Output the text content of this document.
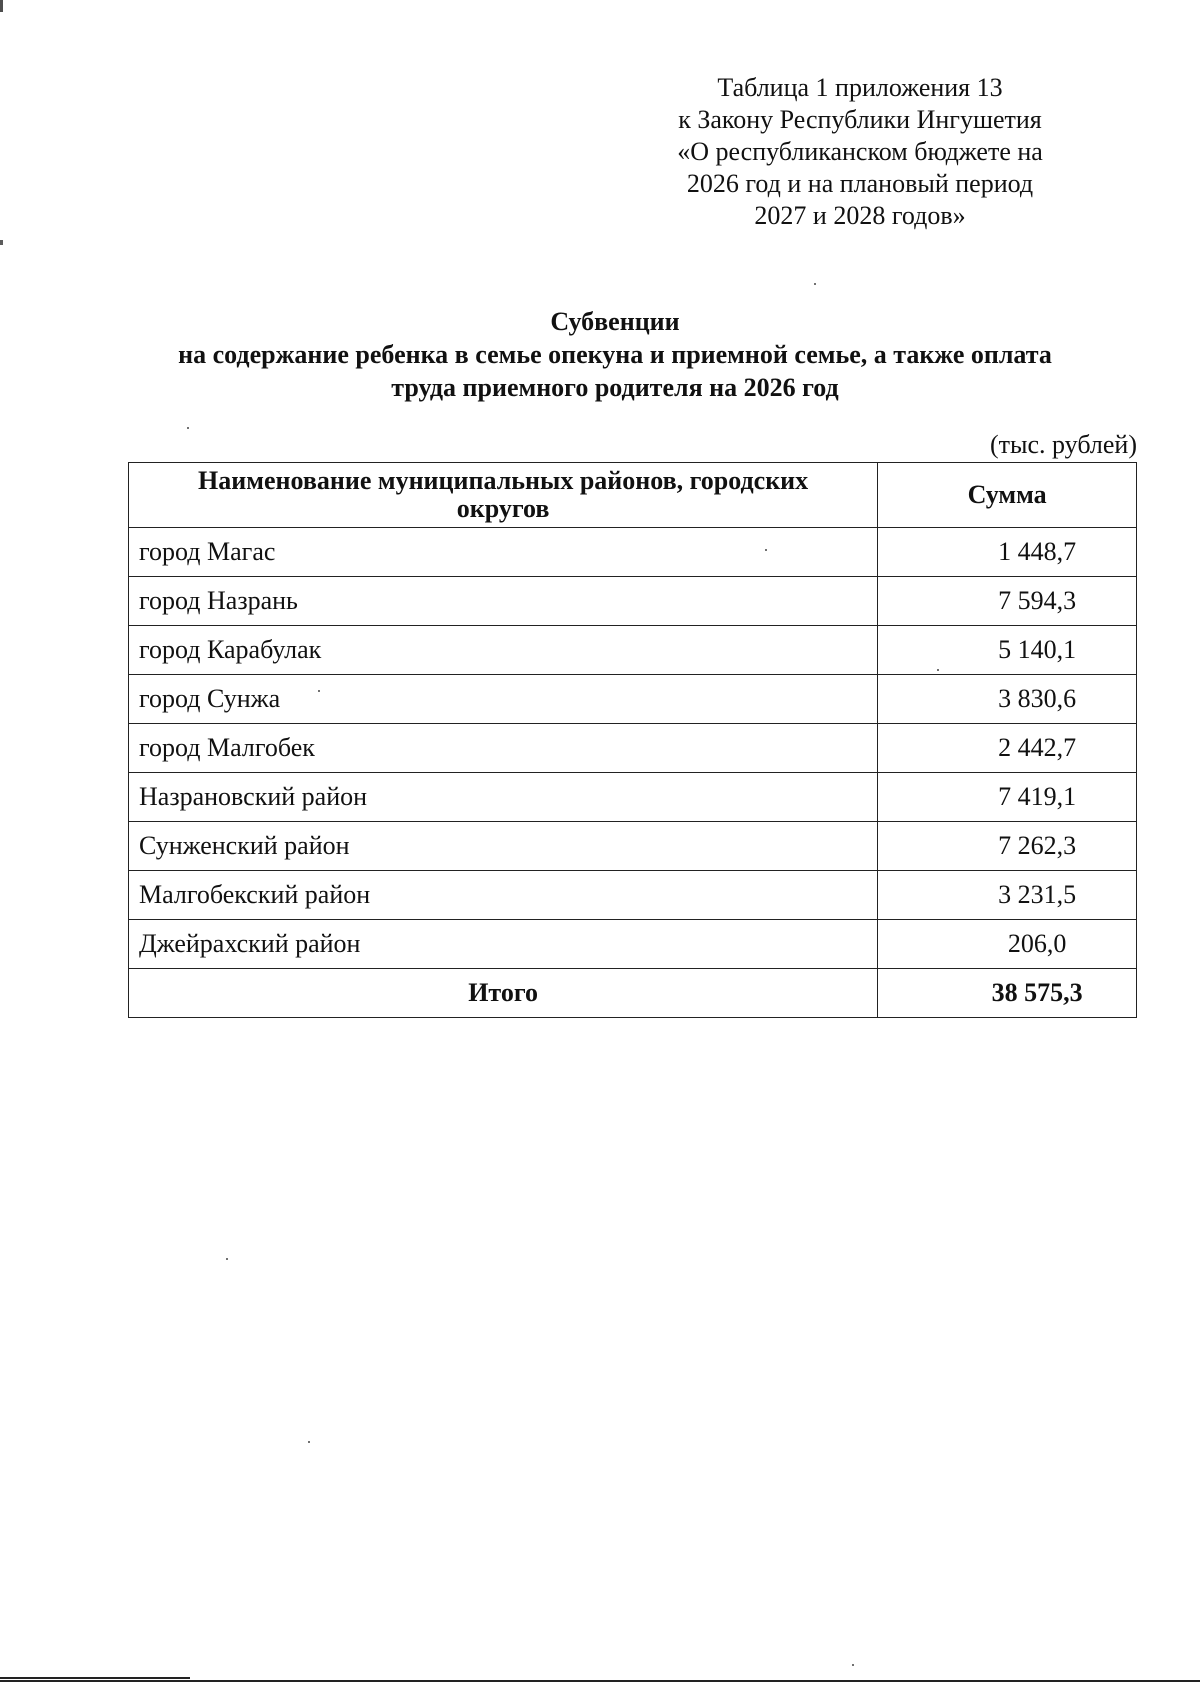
Таблица 1 приложения 13
к Закону Республики Ингушетия
«О республиканском бюджете на
2026 год и на плановый период
2027 и 2028 годов»
Субвенции
на содержание ребенка в семье опекуна и приемной семье, а также оплата
труда приемного родителя на 2026 год
(тыс. рублей)
Наименование муниципальных районов, городских
округов	Сумма
город Магас	1 448,7
город Назрань	7 594,3
город Карабулак	5 140,1
город Сунжа	3 830,6
город Малгобек	2 442,7
Назрановский район	7 419,1
Сунженский район	7 262,3
Малгобекский район	3 231,5
Джейрахский район	206,0
Итого	38 575,3
